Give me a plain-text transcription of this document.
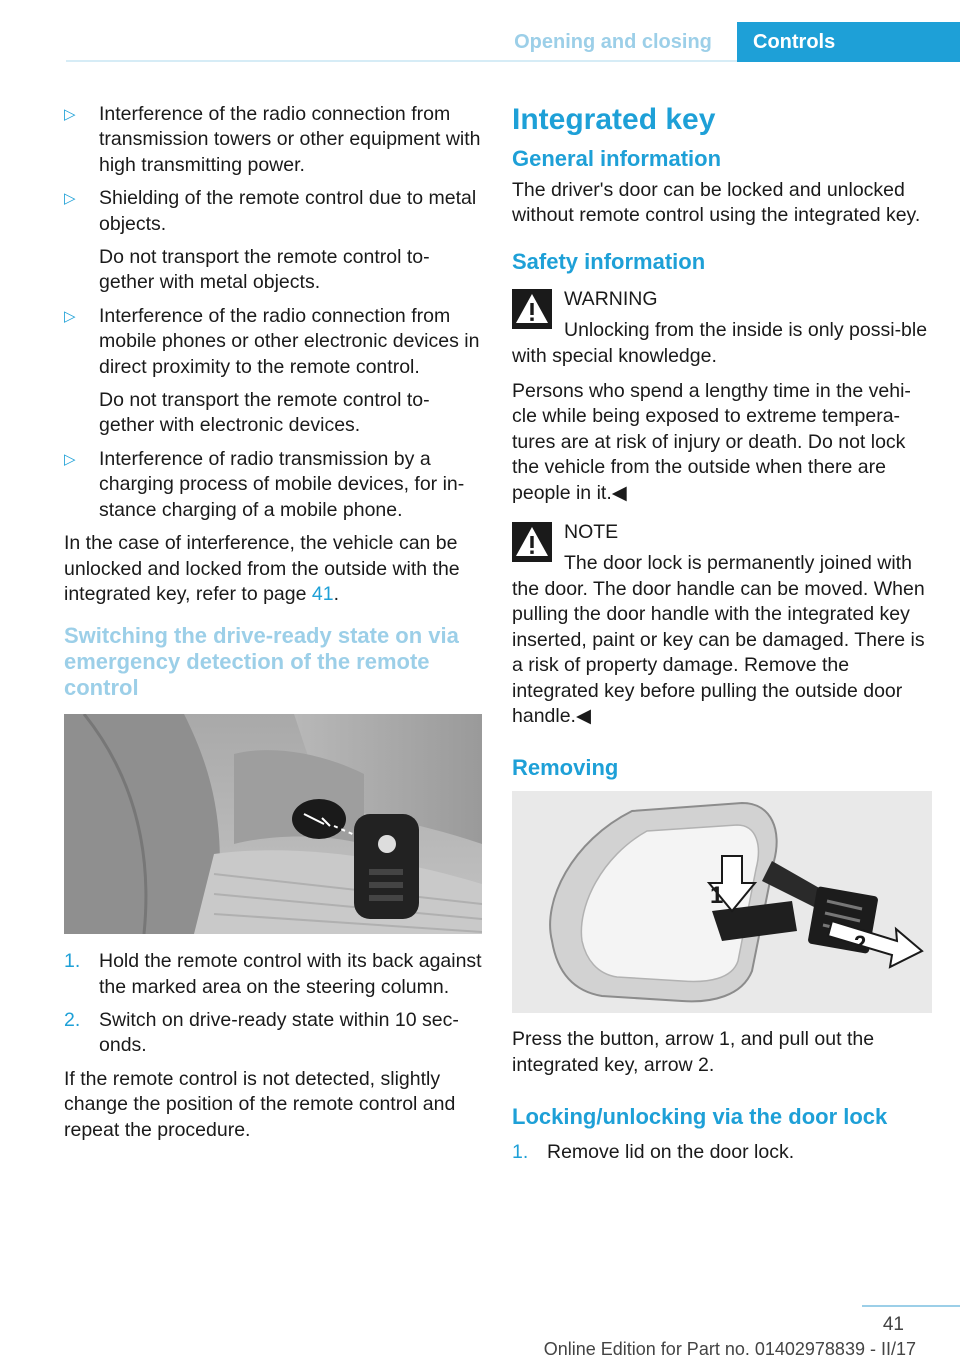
Opening and closing	Controls
▷ Interference of the radio connection from transmission towers or other equipment with high transmitting power.
▷ Shielding of the remote control due to metal objects.
Do not transport the remote control to‐gether with metal objects.
▷ Interference of the radio connection from mobile phones or other electronic devices in direct proximity to the remote control.
Do not transport the remote control to‐gether with electronic devices.
▷ Interference of radio transmission by a charging process of mobile devices, for in‐stance charging of a mobile phone.

In the case of interference, the vehicle can be unlocked and locked from the outside with the integrated key, refer to page 41.

Switching the drive-ready state on via emergency detection of the remote control
1. Hold the remote control with its back against the marked area on the steering column.
2. Switch on drive-ready state within 10 sec‐onds.

If the remote control is not detected, slightly change the position of the remote control and repeat the procedure.

Integrated key
General information

The driver's door can be locked and unlocked without remote control using the integrated key.

Safety information

WARNING
Unlocking from the inside is only possi‐ble with special knowledge.

Persons who spend a lengthy time in the vehi‐cle while being exposed to extreme tempera‐tures are at risk of injury or death. Do not lock the vehicle from the outside when there are people in it.◀

NOTE
The door lock is permanently joined with the door. The door handle can be moved. When pulling the door handle with the integrated key inserted, paint or key can be damaged. There is a risk of property damage. Remove the integrated key before pulling the outside door handle.◀

Removing
1
2

Press the button, arrow 1, and pull out the integrated key, arrow 2.

Locking/unlocking via the door lock
1. Remove lid on the door lock.
41
Online Edition for Part no. 01402978839 - II/17
